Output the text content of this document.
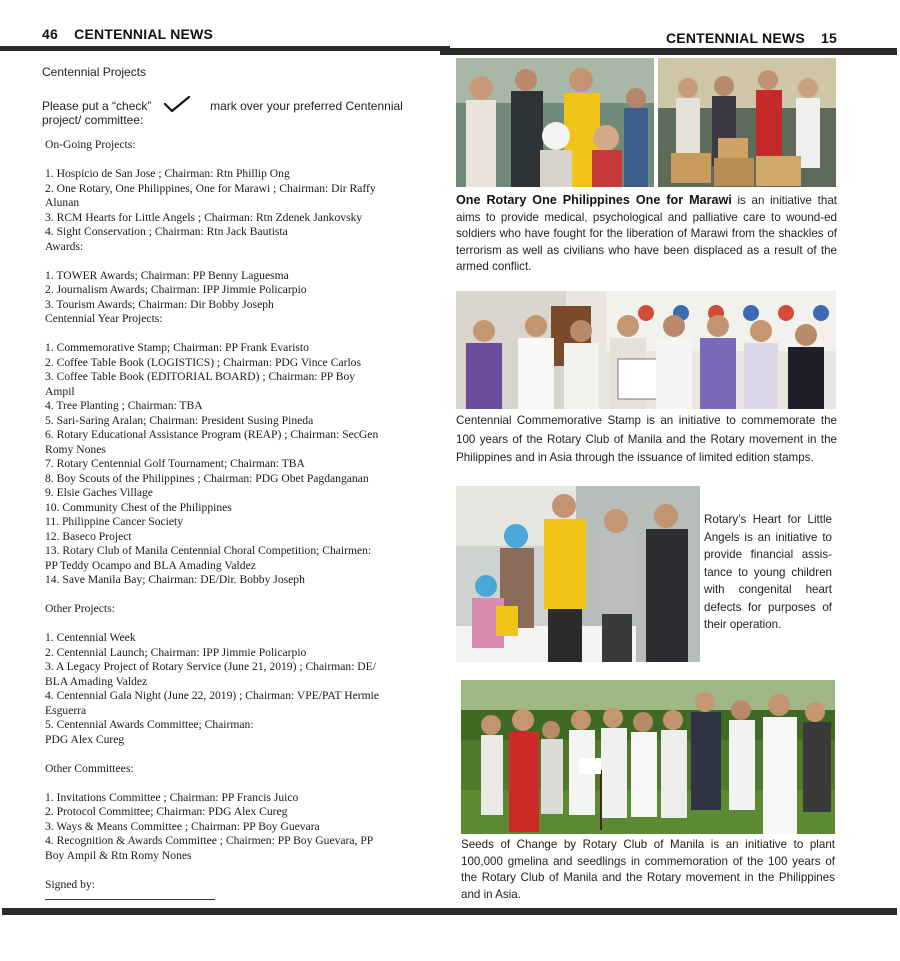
46 CENTENNIAL NEWS	CENTENNIAL NEWS 15
Centennial Projects
Please put a “check”	mark over your preferred Centennial
project/ committee:
On-Going Projects:
1. Hospicio de San Jose ; Chairman: Rtn Phillip Ong
2. One Rotary, One Philippines, One for Marawi ; Chairman: Dir Raffy
Alunan
3. RCM Hearts for Little Angels ; Chairman: Rtn Zdenek Jankovsky
4. Sight Conservation ; Chairman: Rtn Jack Bautista
Awards:
1. TOWER Awards; Chairman: PP Benny Laguesma
2. Journalism Awards; Chairman: IPP Jimmie Policarpio
3. Tourism Awards; Chairman: Dir Bobby Joseph
Centennial Year Projects:
1. Commemorative Stamp; Chairman: PP Frank Evaristo
2. Coffee Table Book (LOGISTICS) ; Chairman: PDG Vince Carlos
3. Coffee Table Book (EDITORIAL BOARD) ; Chairman: PP Boy
Ampil
4. Tree Planting ; Chairman: TBA
5. Sari-Saring Aralan; Chairman: President Susing Pineda
6. Rotary Educational Assistance Program (REAP) ; Chairman: SecGen
Romy Nones
7. Rotary Centennial Golf Tournament; Chairman: TBA
8. Boy Scouts of the Philippines ; Chairman: PDG Obet Pagdanganan
9. Elsie Gaches Village
10. Community Chest of the Philippines
11. Philippine Cancer Society
12. Baseco Project
13. Rotary Club of Manila Centennial Choral Competition; Chairmen:
PP Teddy Ocampo and BLA Amading Valdez
14. Save Manila Bay; Chairman: DE/Dir. Bobby Joseph
Other Projects:
1. Centennial Week
2. Centennial Launch; Chairman: IPP Jimmie Policarpio
3. A Legacy Project of Rotary Service (June 21, 2019) ; Chairman: DE/
BLA Amading Valdez
4. Centennial Gala Night (June 22, 2019) ; Chairman: VPE/PAT Hermie
Esguerra
5. Centennial Awards Committee; Chairman:
PDG Alex Cureg
Other Committees:
1. Invitations Committee ; Chairman: PP Francis Juico
2. Protocol Committee; Chairman: PDG Alex Cureg
3. Ways & Means Committee ; Chairman: PP Boy Guevara
4. Recognition & Awards Committee ; Chairmen: PP Boy Guevara, PP
Boy Ampil & Rtn Romy Nones
Signed by:
One Rotary One Philippines One for Marawi is an initiative that aims to provide medical, psychological and palliative care to wound-ed soldiers who have fought for the liberation of Marawi from the shackles of terrorism as well as civilians who have been displaced as a result of the armed conflict.
Centennial Commemorative Stamp is an initiative to commemorate the 100 years of the Rotary Club of Manila and the Rotary movement in the Philippines and in Asia through the issuance of limited edition stamps.
Rotary’s Heart for Little Angels is an initiative to provide financial assis-tance to young children with congenital heart defects for purposes of their operation.
Seeds of Change by Rotary Club of Manila is an initiative to plant 100,000 gmelina and seedlings in commemoration of the 100 years of the Rotary Club of Manila and the Rotary movement in the Philippines and in Asia.
